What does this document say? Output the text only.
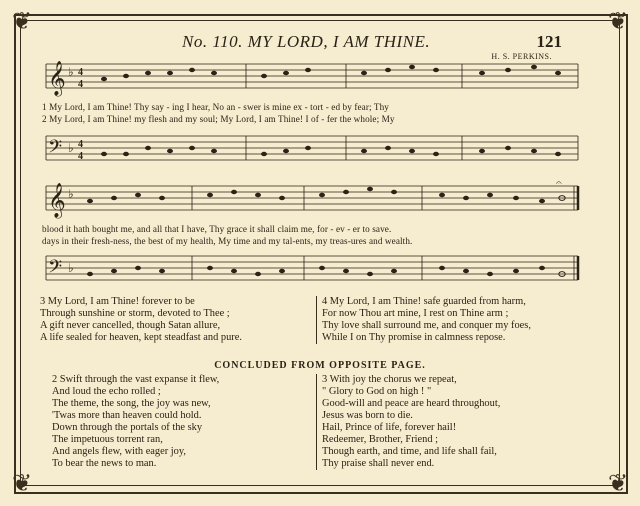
❦	❦
❦	❦
No. 110. MY LORD, I AM THINE.	121
H. S. PERKINS.
𝄞 ♭ 4
4
1 My Lord, I am Thine! Thy say - ing I hear, No an - swer is mine ex - tort - ed by fear; Thy
2 My Lord, I am Thine! my flesh and my soul; My Lord, I am Thine! I of - fer the whole; My
𝄢 ♭ 4
4
𝄞 ♭
𝄐
blood it hath bought me, and all that I have, Thy grace it shall claim me, for - ev - er to save.
days in their fresh-ness, the best of my health, My time and my tal-ents, my treas-ures and wealth.
𝄢 ♭
3 My Lord, I am Thine! forever to be
Through sunshine or storm, devoted to Thee ;
A gift never cancelled, though Satan allure,
A life sealed for heaven, kept steadfast and pure.
4 My Lord, I am Thine! safe guarded from harm,
For now Thou art mine, I rest on Thine arm ;
Thy love shall surround me, and conquer my foes,
While I on Thy promise in calmness repose.
CONCLUDED FROM OPPOSITE PAGE.
2 Swift through the vast expanse it flew,
And loud the echo rolled ;
The theme, the song, the joy was new,
'Twas more than heaven could hold.
Down through the portals of the sky
The impetuous torrent ran,
And angels flew, with eager joy,
To bear the news to man.
3 With joy the chorus we repeat,
" Glory to God on high ! "
Good-will and peace are heard throughout,
Jesus was born to die.
Hail, Prince of life, forever hail!
Redeemer, Brother, Friend ;
Though earth, and time, and life shall fail,
Thy praise shall never end.
